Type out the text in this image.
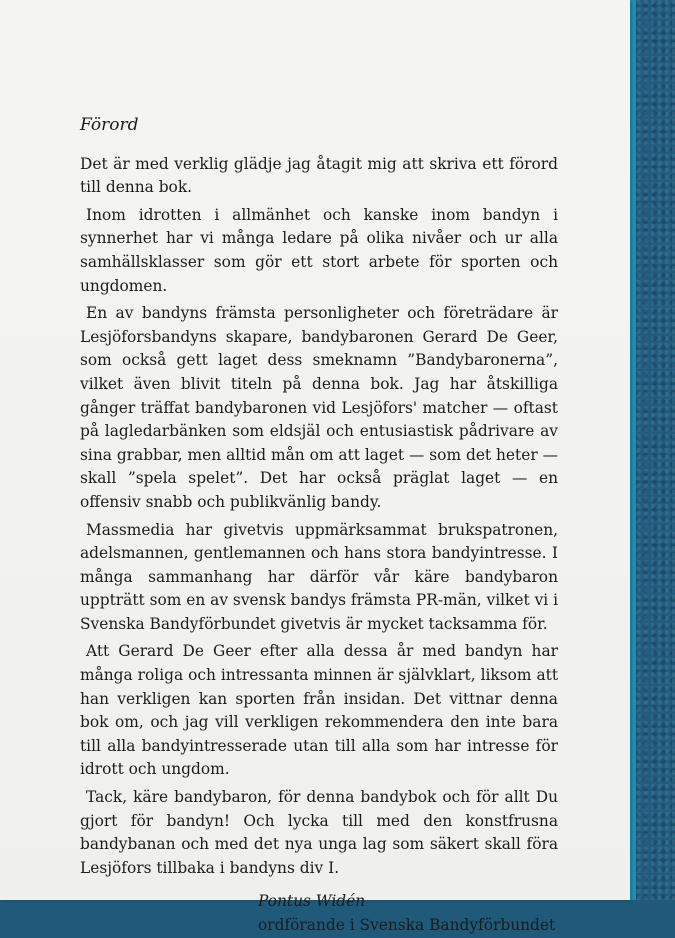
Förord

Det är med verklig glädje jag åtagit mig att skriva ett förord till denna bok.

Inom idrotten i allmänhet och kanske inom bandyn i synnerhet har vi många ledare på olika nivåer och ur alla samhällsklasser som gör ett stort arbete för sporten och ungdomen.

En av bandyns främsta personligheter och företrädare är Lesjöforsbandyns skapare, bandybaronen Gerard De Geer, som också gett laget dess smeknamn ”Bandybaronerna”, vilket även blivit titeln på denna bok. Jag har åtskilliga gånger träffat bandybaronen vid Lesjöfors' matcher — oftast på lagledarbänken som eldsjäl och entusiastisk pådrivare av sina grabbar, men alltid mån om att laget — som det heter — skall ”spela spelet”. Det har också präglat laget — en offensiv snabb och publikvänlig bandy.

Massmedia har givetvis uppmärksammat brukspatronen, adelsmannen, gentlemannen och hans stora bandyintresse. I många sammanhang har därför vår käre bandybaron uppträtt som en av svensk bandys främsta PR-män, vilket vi i Svenska Bandyförbundet givetvis är mycket tacksamma för.

Att Gerard De Geer efter alla dessa år med bandyn har många roliga och intressanta minnen är självklart, liksom att han verkligen kan sporten från insidan. Det vittnar denna bok om, och jag vill verkligen rekommendera den inte bara till alla bandyintresserade utan till alla som har intresse för idrott och ungdom.

Tack, käre bandybaron, för denna bandybok och för allt Du gjort för bandyn! Och lycka till med den konstfrusna bandybanan och med det nya unga lag som säkert skall föra Lesjöfors tillbaka i bandyns div I.

Pontus Widén
ordförande i Svenska Bandyförbundet
